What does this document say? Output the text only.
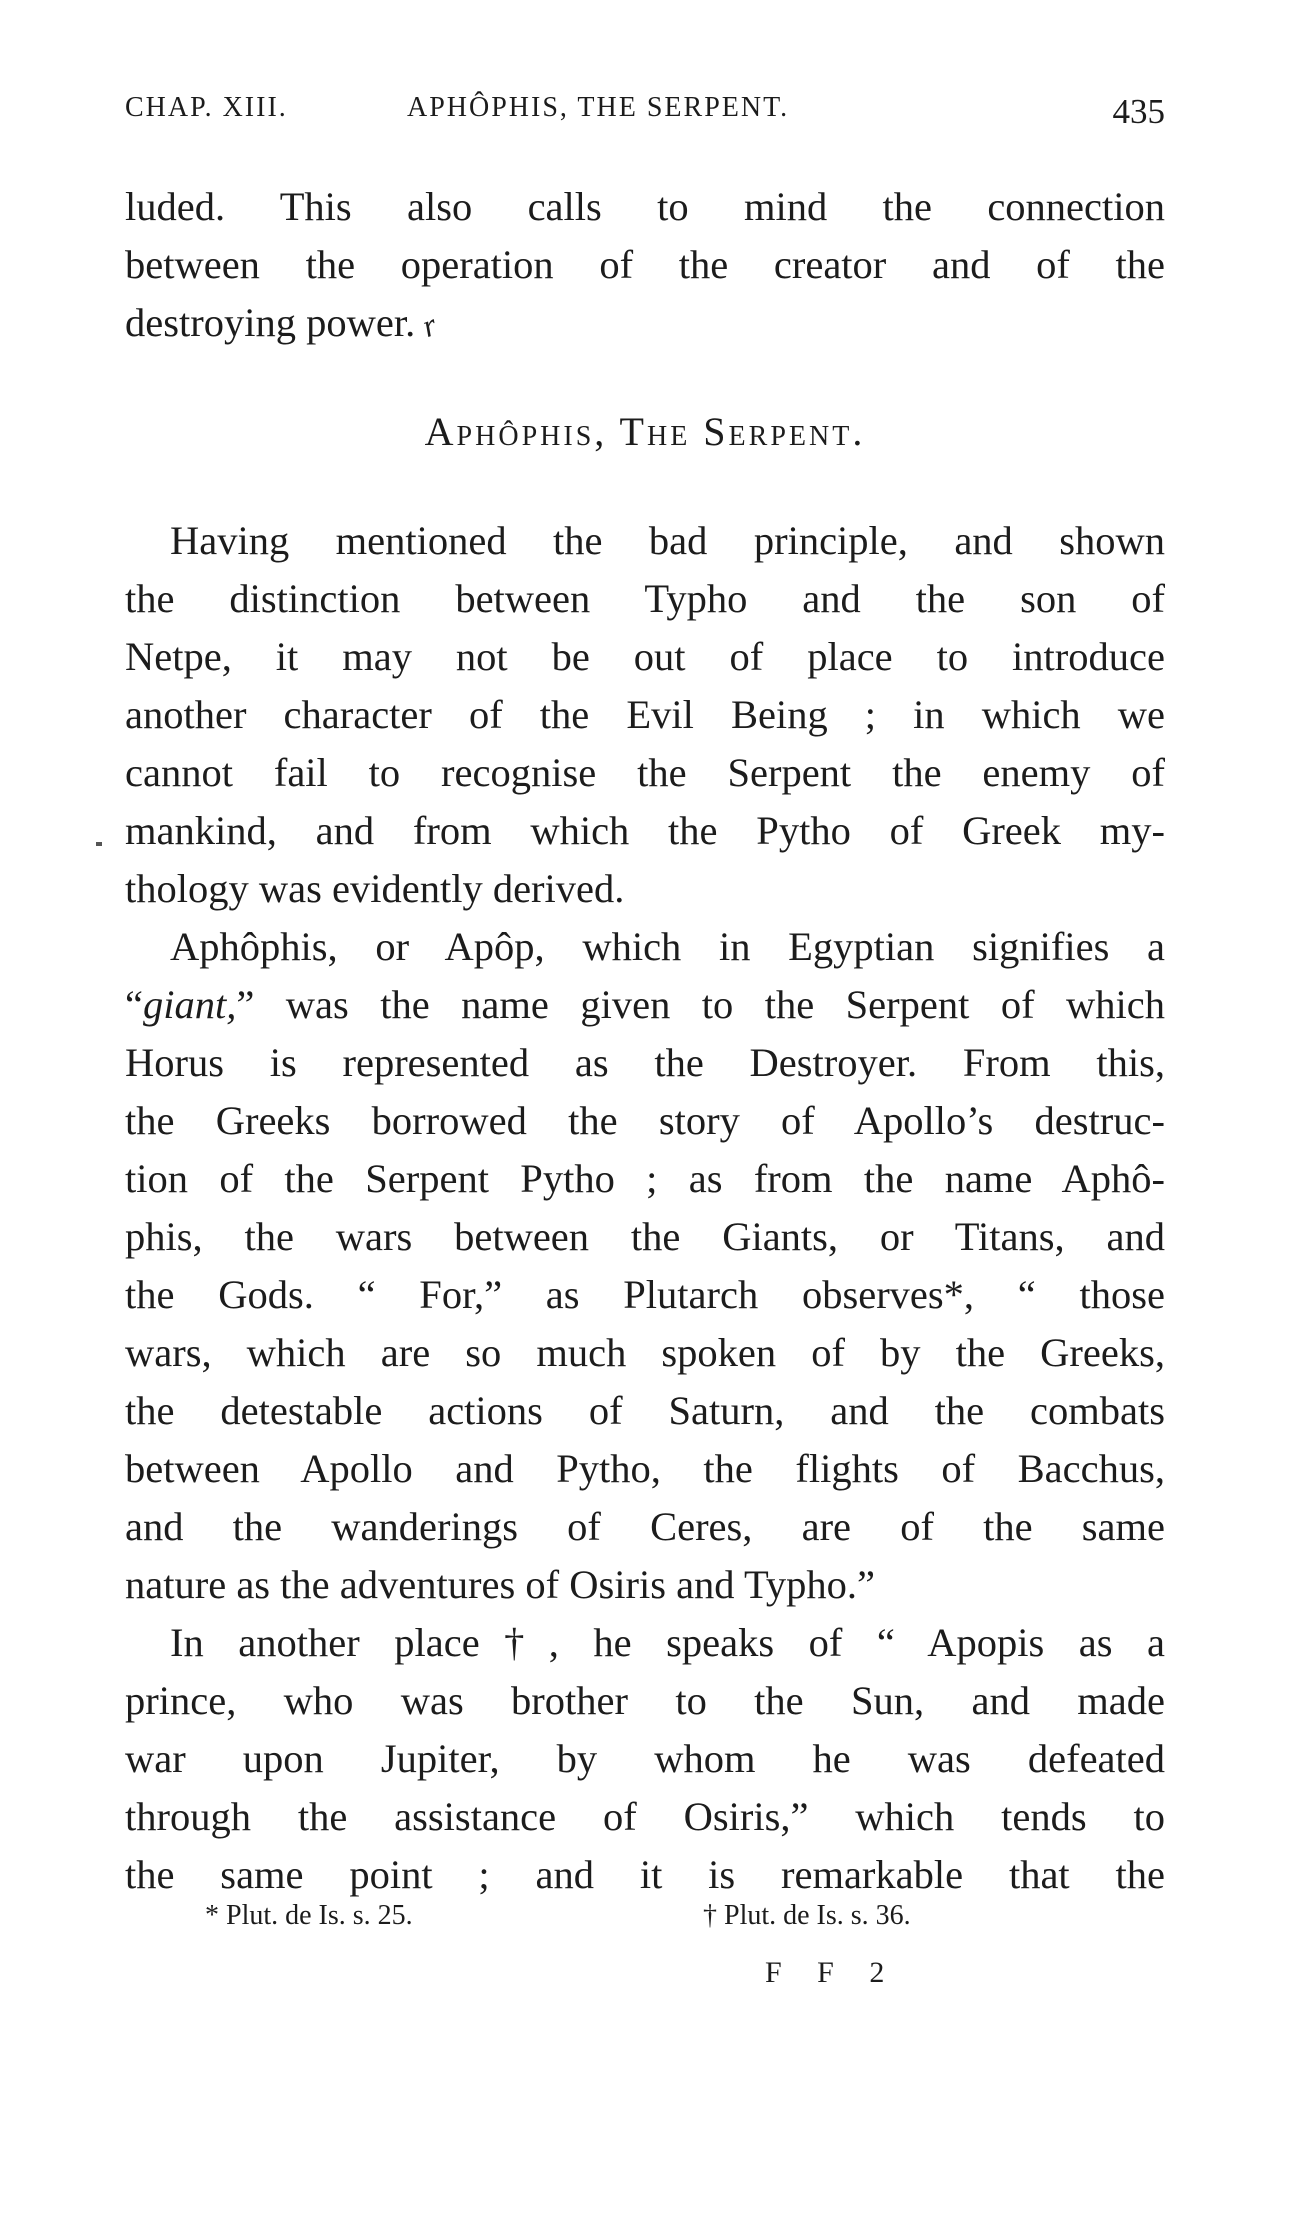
CHAP. XIII.	APHÔPHIS, THE SERPENT.	435
luded. This also calls to mind the connection
between the operation of the creator and of the
destroying power.r
Aphôphis, The Serpent.
Having mentioned the bad principle, and shown
the distinction between Typho and the son of
Netpe, it may not be out of place to introduce
another character of the Evil Being ; in which we
cannot fail to recognise the Serpent the enemy of
mankind, and from which the Pytho of Greek my-
thology was evidently derived.
Aphôphis, or Apôp, which in Egyptian signifies a
“giant,” was the name given to the Serpent of which
Horus is represented as the Destroyer. From this,
the Greeks borrowed the story of Apollo’s destruc-
tion of the Serpent Pytho ; as from the name Aphô-
phis, the wars between the Giants, or Titans, and
the Gods. “ For,” as Plutarch observes*, “ those
wars, which are so much spoken of by the Greeks,
the detestable actions of Saturn, and the combats
between Apollo and Pytho, the flights of Bacchus,
and the wanderings of Ceres, are of the same
nature as the adventures of Osiris and Typho.”
In another place†, he speaks of “ Apopis as a
prince, who was brother to the Sun, and made
war upon Jupiter, by whom he was defeated
through the assistance of Osiris,” which tends to
the same point ; and it is remarkable that the
* Plut. de Is. s. 25.	† Plut. de Is. s. 36.
F F 2
